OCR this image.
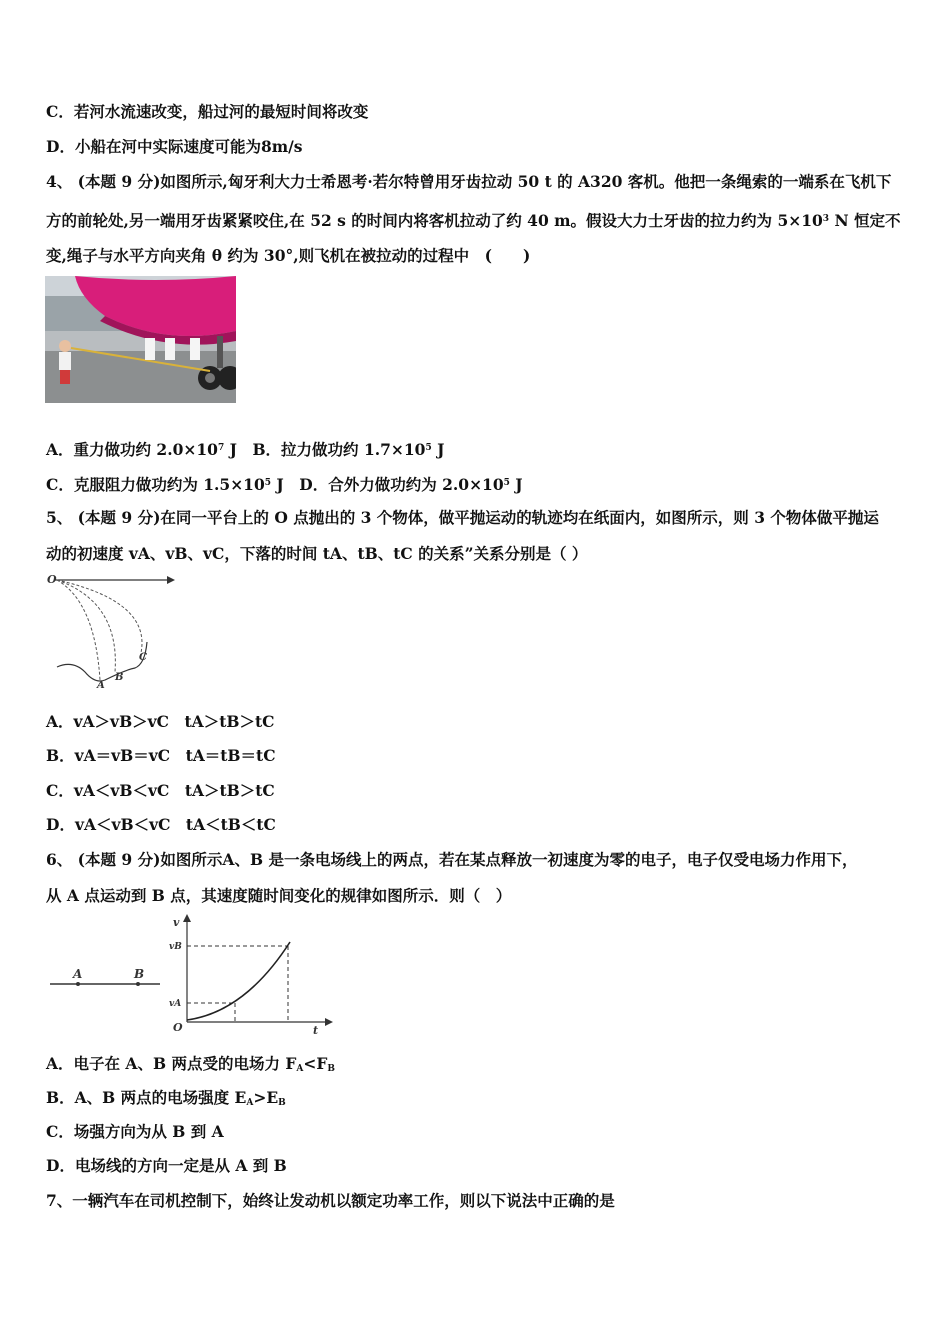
C．若河水流速改变，船过河的最短时间将改变
D．小船在河中实际速度可能为8m/s
4、 (本题 9 分)如图所示,匈牙利大力士希恩考·若尔特曾用牙齿拉动 50 t 的 A320 客机。他把一条绳索的一端系在飞机下
方的前轮处,另一端用牙齿紧紧咬住,在 52 s 的时间内将客机拉动了约 40 m。假设大力士牙齿的拉力约为 $5\times 10^3$ N 恒定不
变,绳子与水平方向夹角 θ 约为 30°,则飞机在被拉动的过程中　(　　)
A．重力做功约 $2.0\times 10^7$ J　B．拉力做功约 $1.7\times 10^5$ J
C．克服阻力做功约为 $1.5\times 10^5$ J　D．合外力做功约为 $2.0\times 10^5$ J
5、 (本题 9 分)在同一平台上的 O 点抛出的 3 个物体，做平抛运动的轨迹均在纸面内，如图所示，则 3 个物体做平抛运
动的初速度 vA、vB、vC，下落的时间 tA、tB、tC 的关系”关系分别是（ ）
O
A
B
C
A．vA＞vB＞vC　tA＞tB＞tC
B．vA＝vB＝vC　tA＝tB＝tC
C．vA＜vB＜vC　tA＞tB＞tC
D．vA＜vB＜vC　tA＜tB＜tC
6、 (本题 9 分)如图所示A、B 是一条电场线上的两点，若在某点释放一初速度为零的电子，电子仅受电场力作用下，
从 A 点运动到 B 点，其速度随时间变化的规律如图所示．则（　）
A	B
v
vB
vA
O	t
A．电子在 A、B 两点受的电场力 $F_A<F_B$
B．A、B 两点的电场强度 $E_A>E_B$
C．场强方向为从 B 到 A
D．电场线的方向一定是从 A 到 B
7、一辆汽车在司机控制下，始终让发动机以额定功率工作，则以下说法中正确的是
